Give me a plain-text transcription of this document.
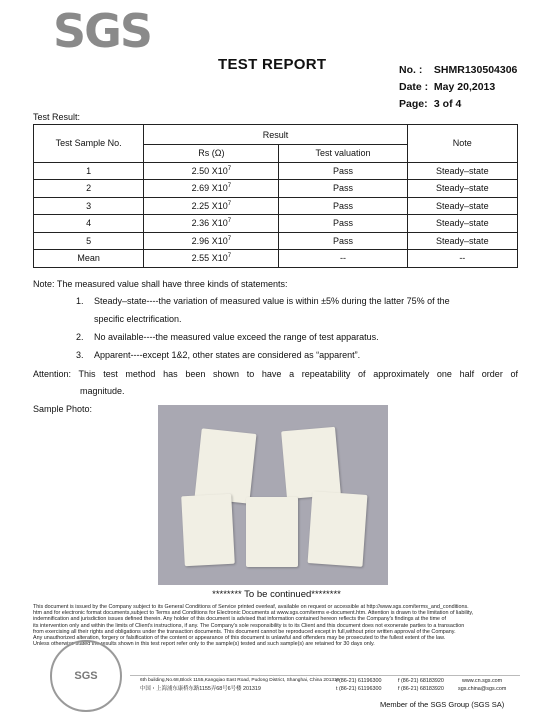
SGS
TEST REPORT	No. : SHMR130504306
Date : May 20,2013
Page: 3 of 4
Test Result:
Test Sample No.	Result		Note
	Rs (Ω)	Test valuation	
1	2.50 $X10^7$	Pass	Steady–state
2	2.69 $X10^7$	Pass	Steady–state
3	2.25 $X10^7$	Pass	Steady–state
4	2.36 $X10^7$	Pass	Steady–state
5	2.96 $X10^7$	Pass	Steady–state
Mean	2.55 $X10^7$	--	--
Note: The measured value shall have three kinds of statements:
1. Steady–state----the variation of measured value is within ±5% during the latter 75% of the
specific electrification.
2. No available----the measured value exceed the range of test apparatus.
3. Apparent----except 1&2, other states are considered as “apparent”.
Attention: This test method has been shown to have a repeatability of approximately one half order of
magnitude.
Sample Photo:
******** To be continued********
This document is issued by the Company subject to its General Conditions of Service printed overleaf, available on request or accessible at http://www.sgs.com/terms_and_conditions.
htm and for electronic format documents,subject to Terms and Conditions for Electronic Documents at www.sgs.com/terms e-document.htm. Attention is drawn to the limitation of liability,
indemnification and jurisdiction issues defined therein. Any holder of this document is advised that information contained hereon reflects the Company's findings at the time of
its intervention only and within the limits of Client's instructions, if any. The Company's sole responsibility is to its Client and this document does not exonerate parties to a transaction
from exercising all their rights and obligations under the transaction documents. This document cannot be reproduced except in full,without prior written approval of the Company.
Any unauthorized alteration, forgery or falsification of the content or appearance of this document is unlawful and offenders may be prosecuted to the fullest extent of the law.
Unless otherwise stated the results shown in this test report refer only to the sample(s) tested and such sample(s) are retained for 30 days only.
SGS	6th building,No.68,Block 1155,Kangqiao East Road, Pudong District, Shanghai, China 201319
中国・上海浦东康桥东路1155弄68号6号楼 201319
t (86-21) 61196300
t (86-21) 61196300
f (86-21) 68183920
f (86-21) 68183920
www.cn.sgs.com
sgs.china@sgs.com
Member of the SGS Group (SGS SA)
